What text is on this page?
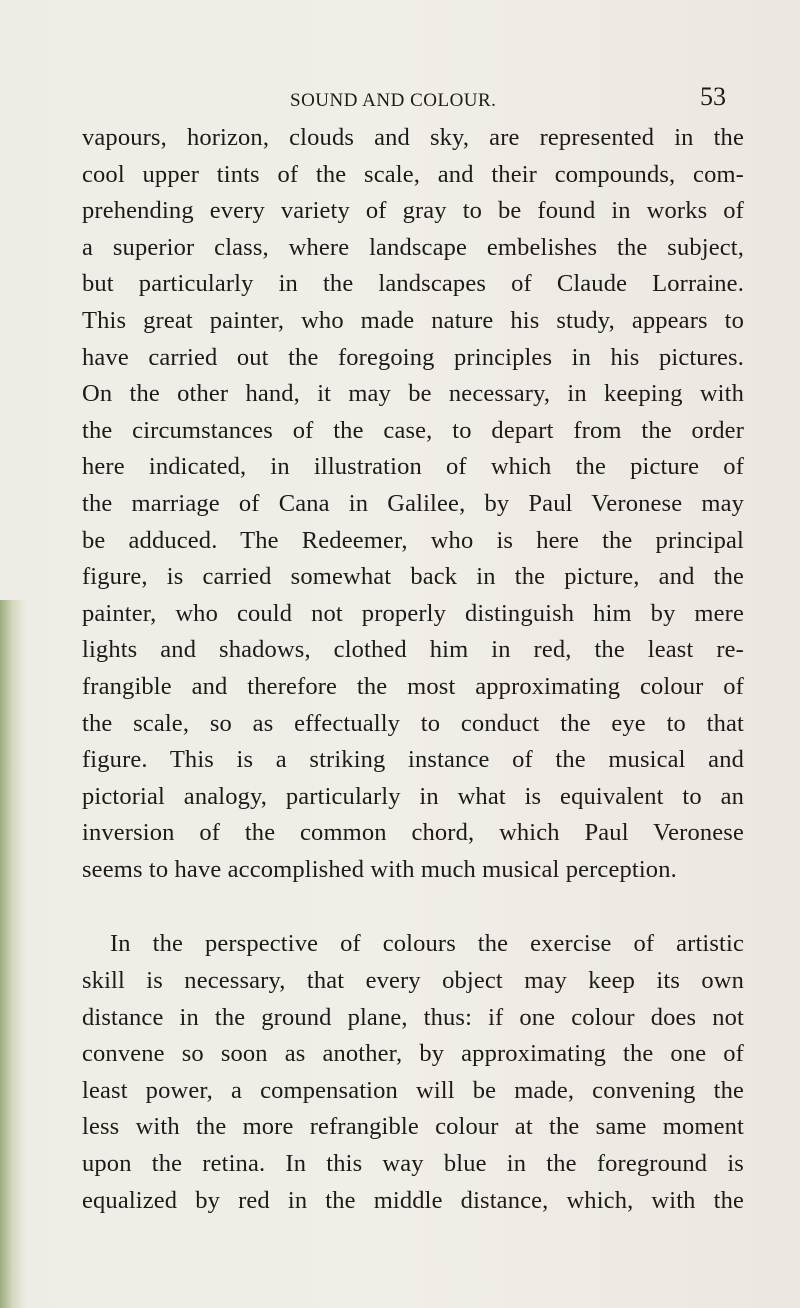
SOUND AND COLOUR.	53
vapours, horizon, clouds and sky, are represented in the
cool upper tints of the scale, and their compounds, com-
prehending every variety of gray to be found in works of
a superior class, where landscape embelishes the subject,
but particularly in the landscapes of Claude Lorraine.
This great painter, who made nature his study, appears to
have carried out the foregoing principles in his pictures.
On the other hand, it may be necessary, in keeping with
the circumstances of the case, to depart from the order
here indicated, in illustration of which the picture of
the marriage of Cana in Galilee, by Paul Veronese may
be adduced. The Redeemer, who is here the principal
figure, is carried somewhat back in the picture, and the
painter, who could not properly distinguish him by mere
lights and shadows, clothed him in red, the least re-
frangible and therefore the most approximating colour of
the scale, so as effectually to conduct the eye to that
figure. This is a striking instance of the musical and
pictorial analogy, particularly in what is equivalent to an
inversion of the common chord, which Paul Veronese
seems to have accomplished with much musical perception.
In the perspective of colours the exercise of artistic
skill is necessary, that every object may keep its own
distance in the ground plane, thus: if one colour does not
convene so soon as another, by approximating the one of
least power, a compensation will be made, convening the
less with the more refrangible colour at the same moment
upon the retina. In this way blue in the foreground is
equalized by red in the middle distance, which, with the
